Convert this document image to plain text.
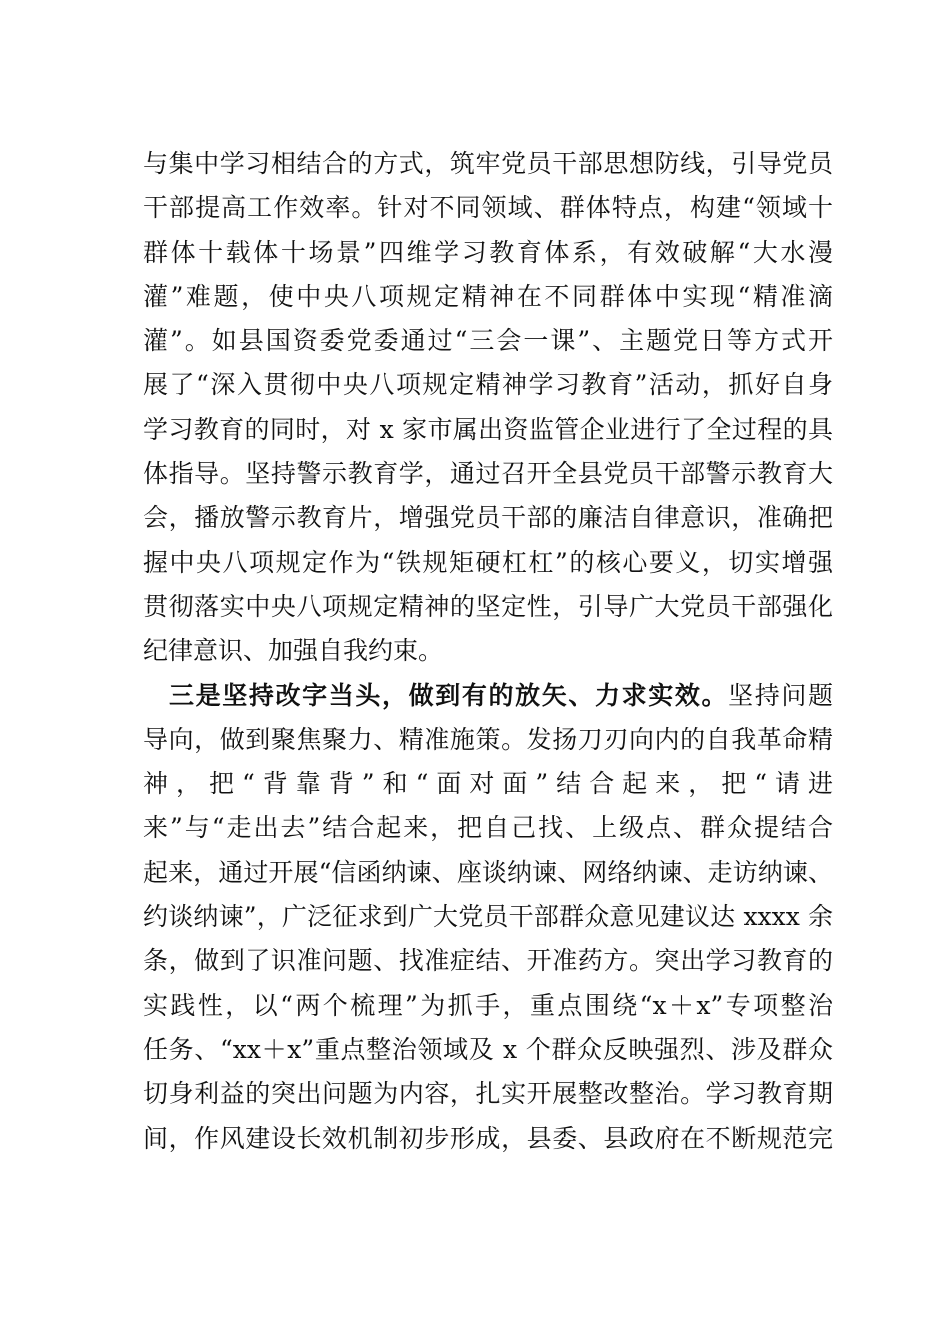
与集中学习相结合的方式，筑牢党员干部思想防线，引导党员
干部提高工作效率。针对不同领域、群体特点，构建“领域十
群体十载体十场景”四维学习教育体系，有效破解“大水漫
灌”难题，使中央八项规定精神在不同群体中实现“精准滴
灌”。如县国资委党委通过“三会一课”、主题党日等方式开
展了“深入贯彻中央八项规定精神学习教育”活动，抓好自身
学习教育的同时，对 x 家市属出资监管企业进行了全过程的具
体指导。坚持警示教育学，通过召开全县党员干部警示教育大
会，播放警示教育片，增强党员干部的廉洁自律意识，准确把
握中央八项规定作为“铁规矩硬杠杠”的核心要义，切实增强
贯彻落实中央八项规定精神的坚定性，引导广大党员干部强化
纪律意识、加强自我约束。
三是坚持改字当头，做到有的放矢、力求实效。坚持问题
导向，做到聚焦聚力、精准施策。发扬刀刃向内的自我革命精
神，把“背靠背”和“面对面”结合起来，把“请进
来”与“走出去”结合起来，把自己找、上级点、群众提结合
起来，通过开展“信函纳谏、座谈纳谏、网络纳谏、走访纳谏、
约谈纳谏”，广泛征求到广大党员干部群众意见建议达 xxxx 余
条，做到了识准问题、找准症结、开准药方。突出学习教育的
实践性，以“两个梳理”为抓手，重点围绕“x＋x”专项整治
任务、“xx＋x”重点整治领域及 x 个群众反映强烈、涉及群众
切身利益的突出问题为内容，扎实开展整改整治。学习教育期
间，作风建设长效机制初步形成，县委、县政府在不断规范完
